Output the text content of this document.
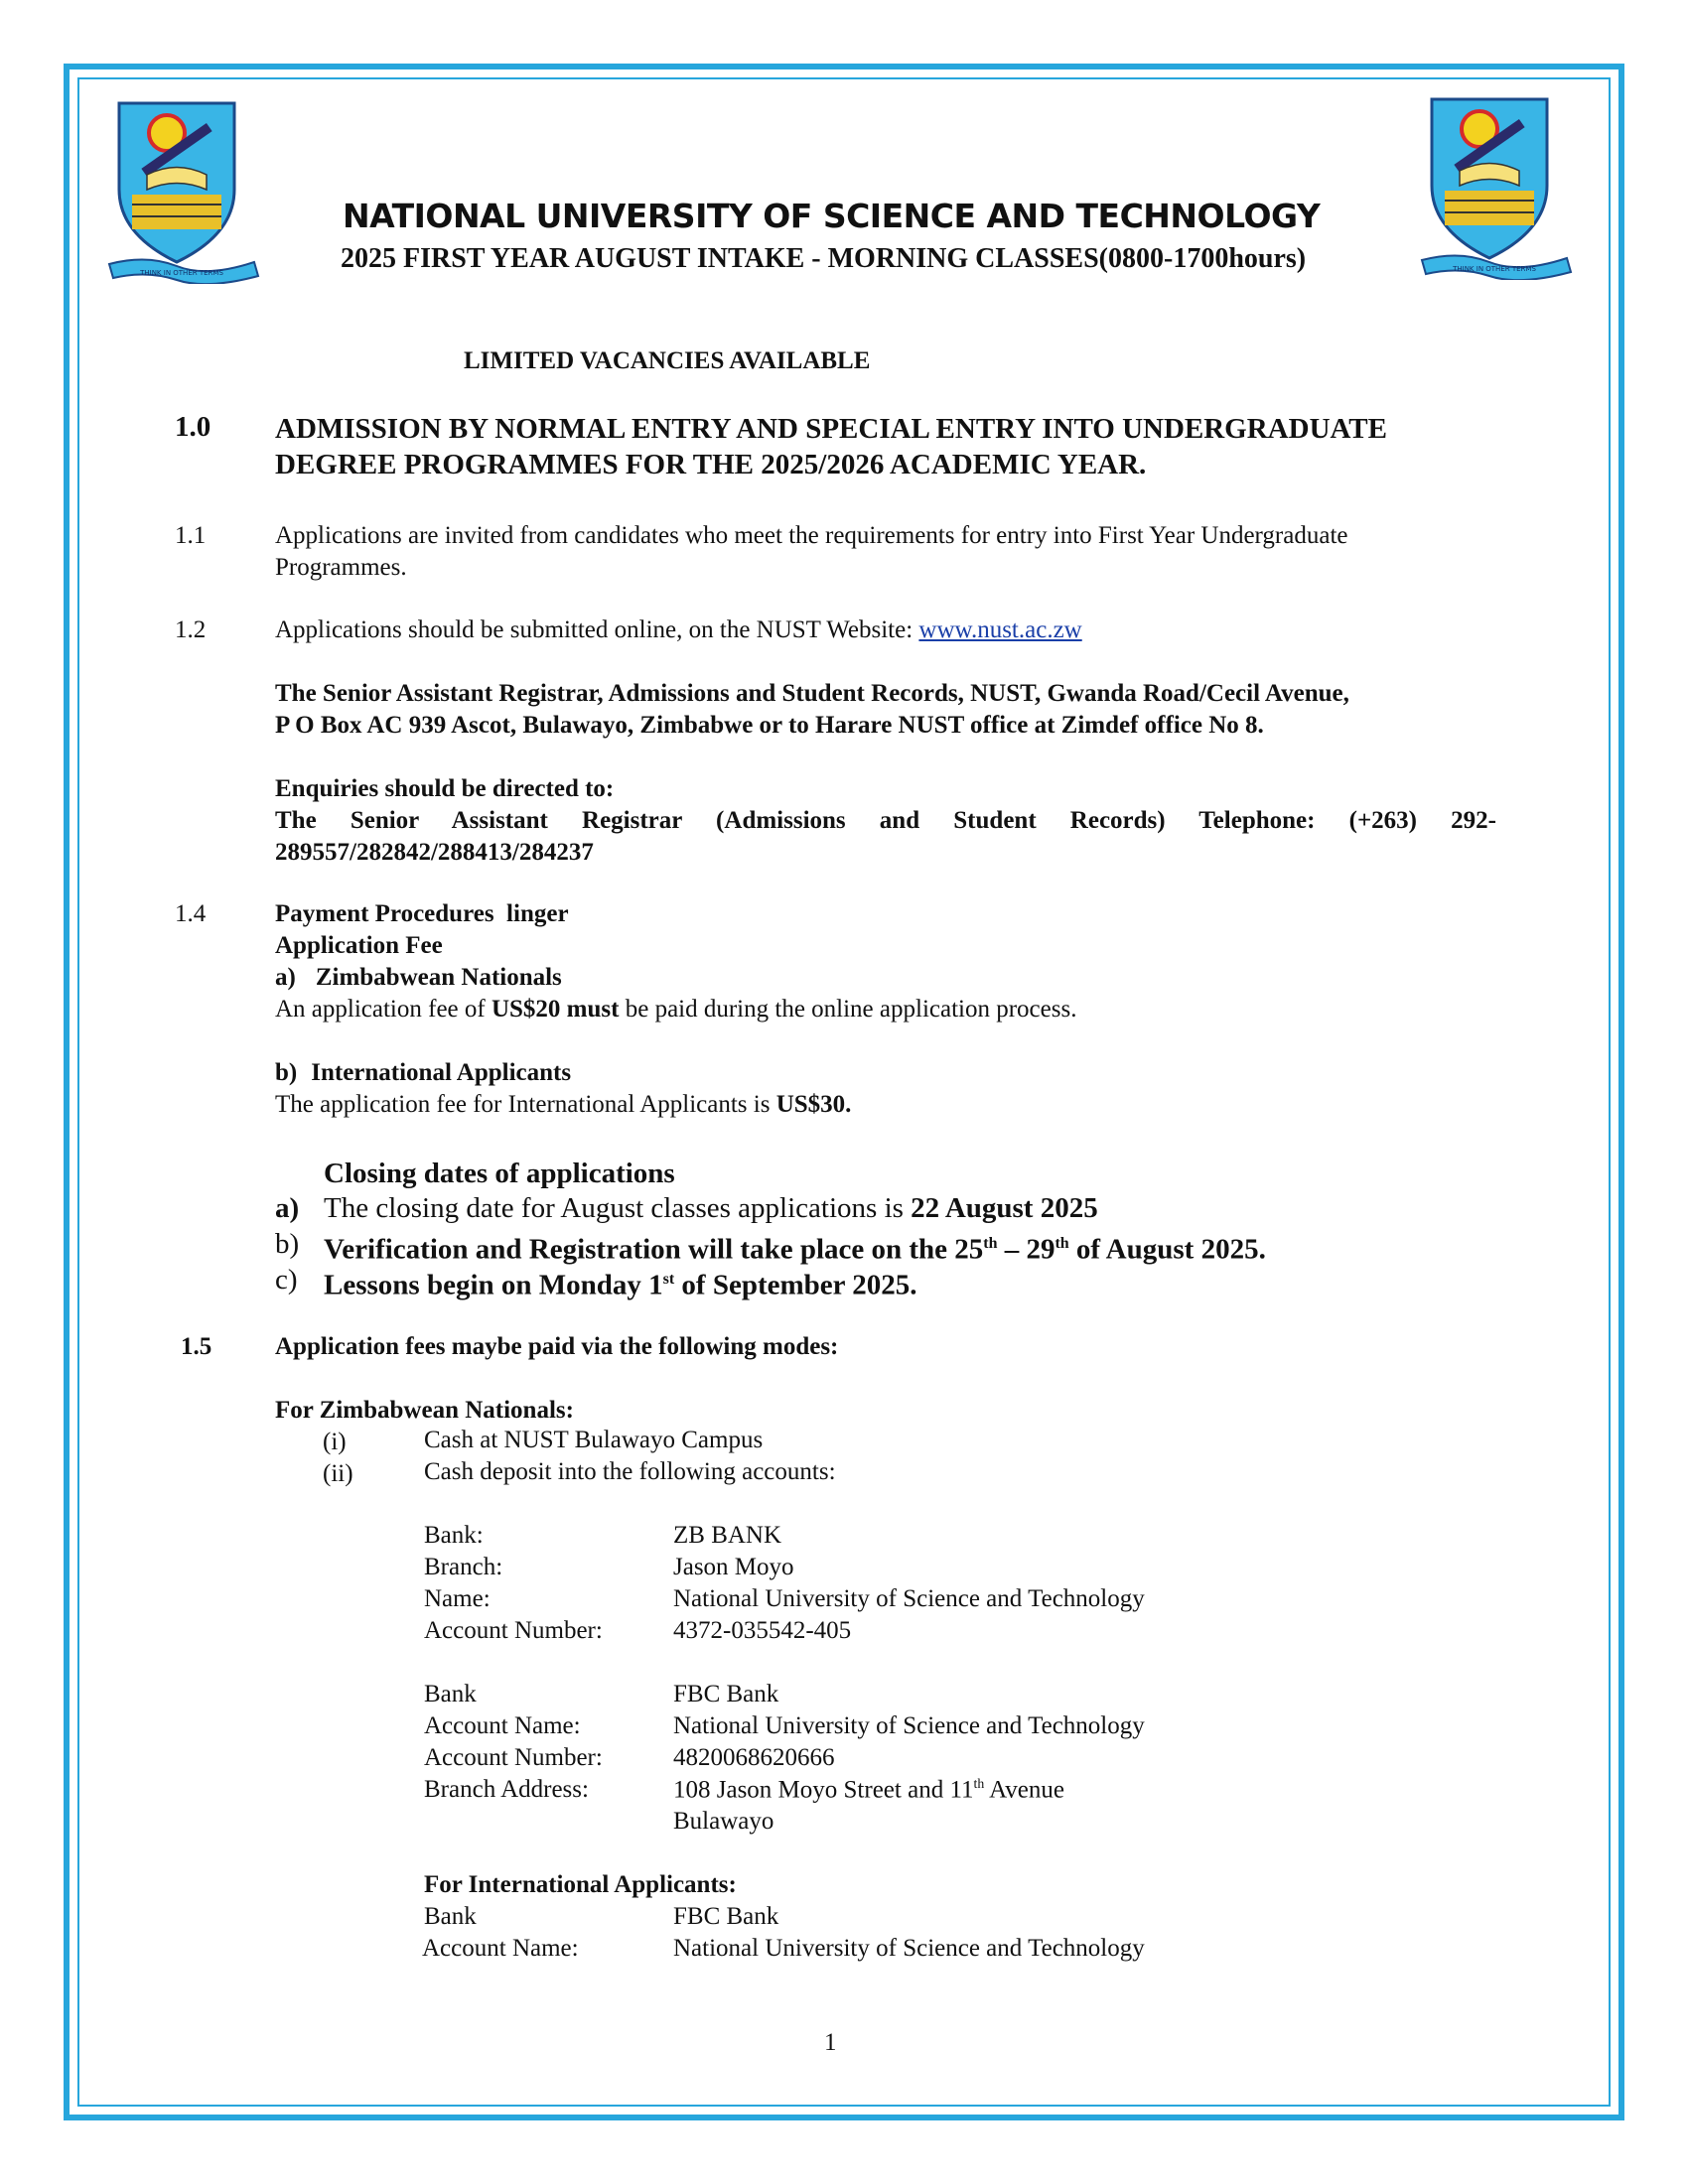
THINK IN OTHER TERMS	THINK IN OTHER TERMS
NATIONAL UNIVERSITY OF SCIENCE AND TECHNOLOGY
2025 FIRST YEAR AUGUST INTAKE - MORNING CLASSES(0800-1700hours)
LIMITED VACANCIES AVAILABLE
1.0 ADMISSION BY NORMAL ENTRY AND SPECIAL ENTRY INTO UNDERGRADUATE
DEGREE PROGRAMMES FOR THE 2025/2026 ACADEMIC YEAR.
1.1	Applications are invited from candidates who meet the requirements for entry into First Year Undergraduate
Programmes.
1.2	Applications should be submitted online, on the NUST Website: www.nust.ac.zw
The Senior Assistant Registrar, Admissions and Student Records, NUST, Gwanda Road/Cecil Avenue,
P O Box AC 939 Ascot, Bulawayo, Zimbabwe or to Harare NUST office at Zimdef office No 8.
Enquiries should be directed to:
The Senior Assistant Registrar (Admissions and Student Records) Telephone: (+263) 292-
289557/282842/288413/284237
1.4	Payment Procedures  linger
Application Fee
a) Zimbabwean Nationals
An application fee of US$20 must be paid during the online application process.
b) International Applicants
The application fee for International Applicants is US$30.
Closing dates of applications
a) The closing date for August classes applications is 22 August 2025
b) Verification and Registration will take place on the 25th – 29th of August 2025.
c) Lessons begin on Monday 1st of September 2025.
1.5	Application fees maybe paid via the following modes:
For Zimbabwean Nationals:
(i)	Cash at NUST Bulawayo Campus
(ii)	Cash deposit into the following accounts:
Bank:	ZB BANK
Branch:	Jason Moyo
Name:	National University of Science and Technology
Account Number:	4372-035542-405
Bank	FBC Bank
Account Name:	National University of Science and Technology
Account Number:	4820068620666
Branch Address:	108 Jason Moyo Street and 11th Avenue
Bulawayo
For International Applicants:
Bank	FBC Bank
Account Name:	National University of Science and Technology
1
